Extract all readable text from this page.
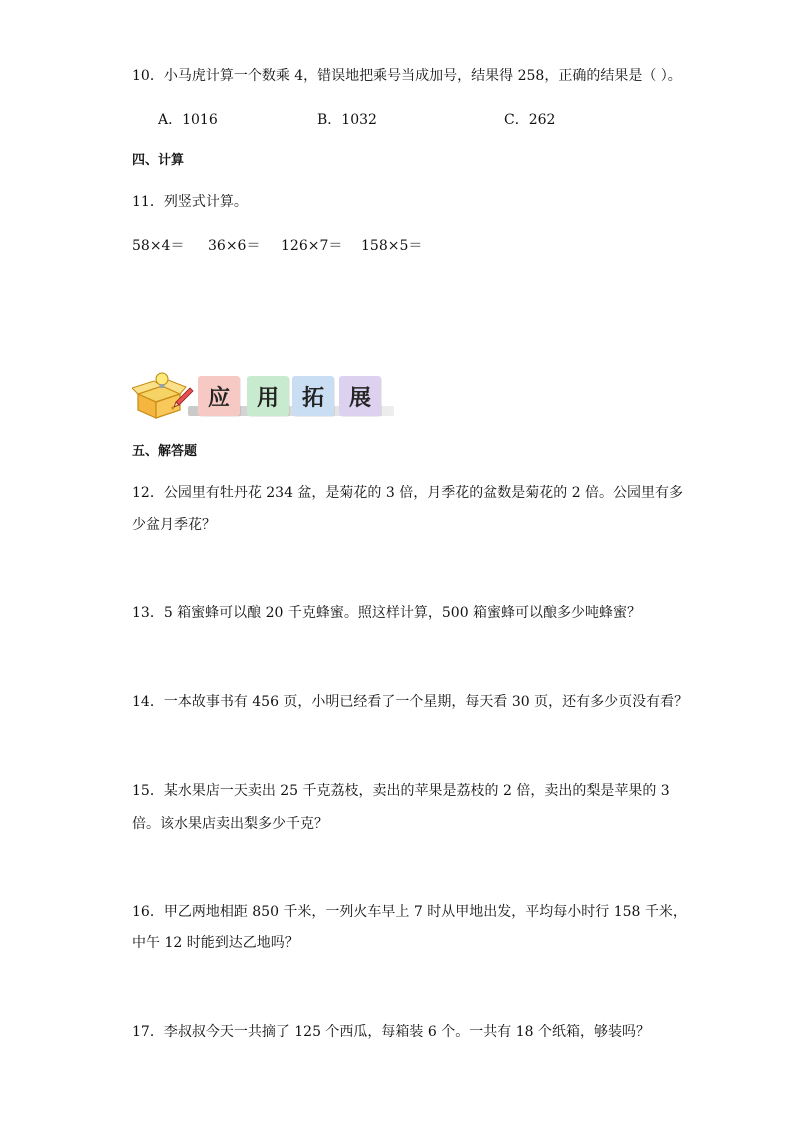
10．小马虎计算一个数乘 4，错误地把乘号当成加号，结果得 258，正确的结果是（ ）。
A．1016	B．1032	C．262
四、计算
11．列竖式计算。
58×4＝ 36×6＝ 126×7＝ 158×5＝
★	应	用	拓	展
五、解答题
12．公园里有牡丹花 234 盆，是菊花的 3 倍，月季花的盆数是菊花的 2 倍。公园里有多
少盆月季花？
13．5 箱蜜蜂可以酿 20 千克蜂蜜。照这样计算，500 箱蜜蜂可以酿多少吨蜂蜜？
14．一本故事书有 456 页，小明已经看了一个星期，每天看 30 页，还有多少页没有看？
15．某水果店一天卖出 25 千克荔枝，卖出的苹果是荔枝的 2 倍，卖出的梨是苹果的 3
倍。该水果店卖出梨多少千克？
16．甲乙两地相距 850 千米，一列火车早上 7 时从甲地出发，平均每小时行 158 千米，
中午 12 时能到达乙地吗？
17．李叔叔今天一共摘了 125 个西瓜，每箱装 6 个。一共有 18 个纸箱，够装吗？
